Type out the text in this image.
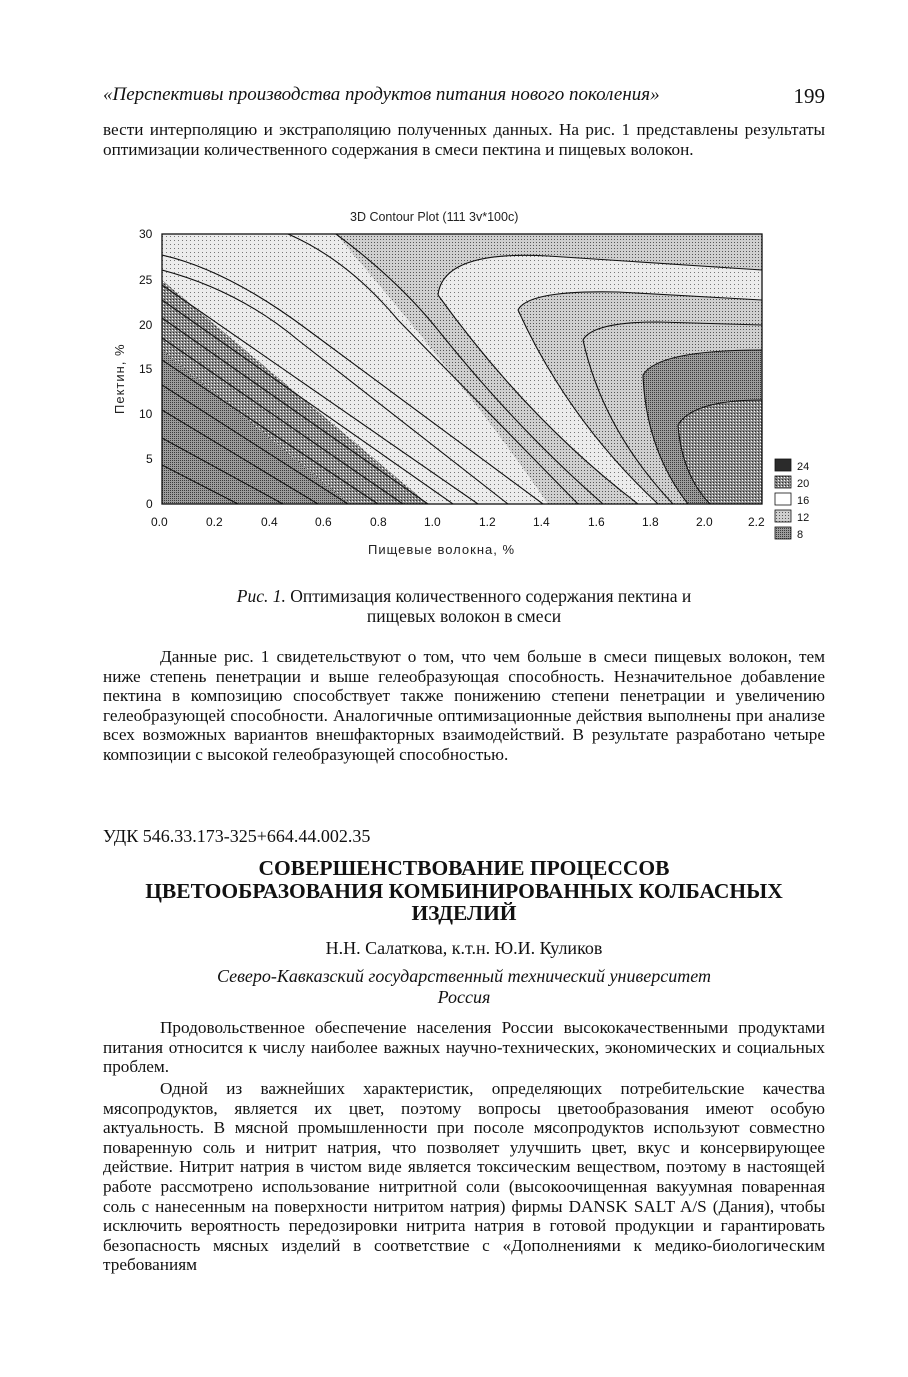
«Перспективы производства продуктов питания нового поколения»	199
вести интерполяцию и экстраполяцию полученных данных. На рис. 1 представлены результаты оптимизации количественного содержания в смеси пектина и пищевых волокон.
3D Contour Plot (111 3v*100c)
30
25
20
15
10
5
0
0.0	0.2	0.4	0.6	0.8	1.0	1.2	1.4	1.6	1.8	2.0	2.2
Пектин, %
Пищевые волокна, %
24
20
16
12
8
Рис. 1. Оптимизация количественного содержания пектина и
пищевых волокон в смеси
Данные рис. 1 свидетельствуют о том, что чем больше в смеси пищевых волокон, тем ниже степень пенетрации и выше гелеобразующая способность. Незначительное добавление пектина в композицию способствует также понижению степени пенетрации и увеличению гелеобразующей способности. Аналогичные оптимизационные действия выполнены при анализе всех возможных вариантов внешфакторных взаимодействий. В результате разработано четыре композиции с высокой гелеобразующей способностью.
УДК 546.33.173-325+664.44.002.35
СОВЕРШЕНСТВОВАНИЕ ПРОЦЕССОВ
ЦВЕТООБРАЗОВАНИЯ КОМБИНИРОВАННЫХ КОЛБАСНЫХ
ИЗДЕЛИЙ
Н.Н. Салаткова, к.т.н. Ю.И. Куликов
Северо-Кавказский государственный технический университет
Россия
Продовольственное обеспечение населения России высококачественными продуктами питания относится к числу наиболее важных научно-технических, экономических и социальных проблем.
Одной из важнейших характеристик, определяющих потребительские качества мясопродуктов, является их цвет, поэтому вопросы цветообразования имеют особую актуальность. В мясной промышленности при посоле мясопродуктов используют совместно поваренную соль и нитрит натрия, что позволяет улучшить цвет, вкус и консервирующее действие. Нитрит натрия в чистом виде является токсическим веществом, поэтому в настоящей работе рассмотрено использование нитритной соли (высокоочищенная вакуумная поваренная соль с нанесенным на поверхности нитритом натрия) фирмы DANSK SALT A/S (Дания), чтобы исключить вероятность передозировки нитрита натрия в готовой продукции и гарантировать безопасность мясных изделий в соответствие с «Дополнениями к медико-биологическим требованиям
